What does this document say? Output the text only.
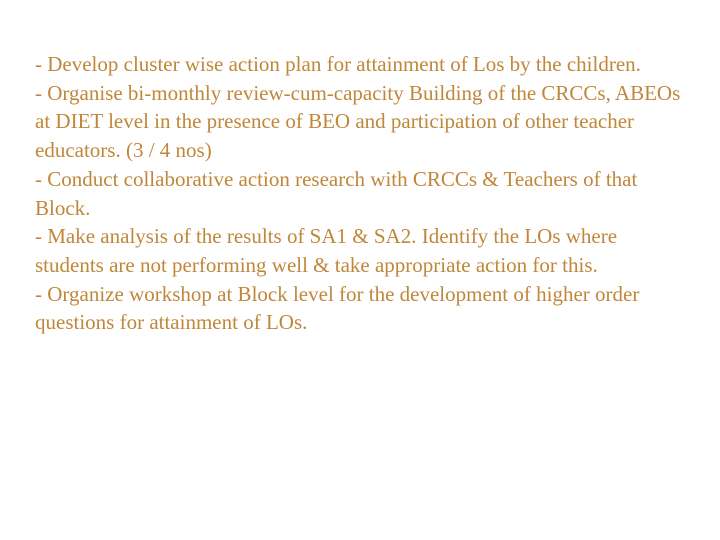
- Develop cluster wise action plan for attainment of Los by the children.

- Organise bi-monthly review-cum-capacity Building of the CRCCs, ABEOs at DIET level in the presence of BEO and participation of other teacher educators. (3 / 4 nos)

- Conduct collaborative action research with CRCCs & Teachers of that Block.

- Make analysis of the results of SA1 & SA2. Identify the LOs where students are not performing well & take appropriate action for this.

- Organize workshop at Block level for the development of higher order questions for attainment of LOs.
